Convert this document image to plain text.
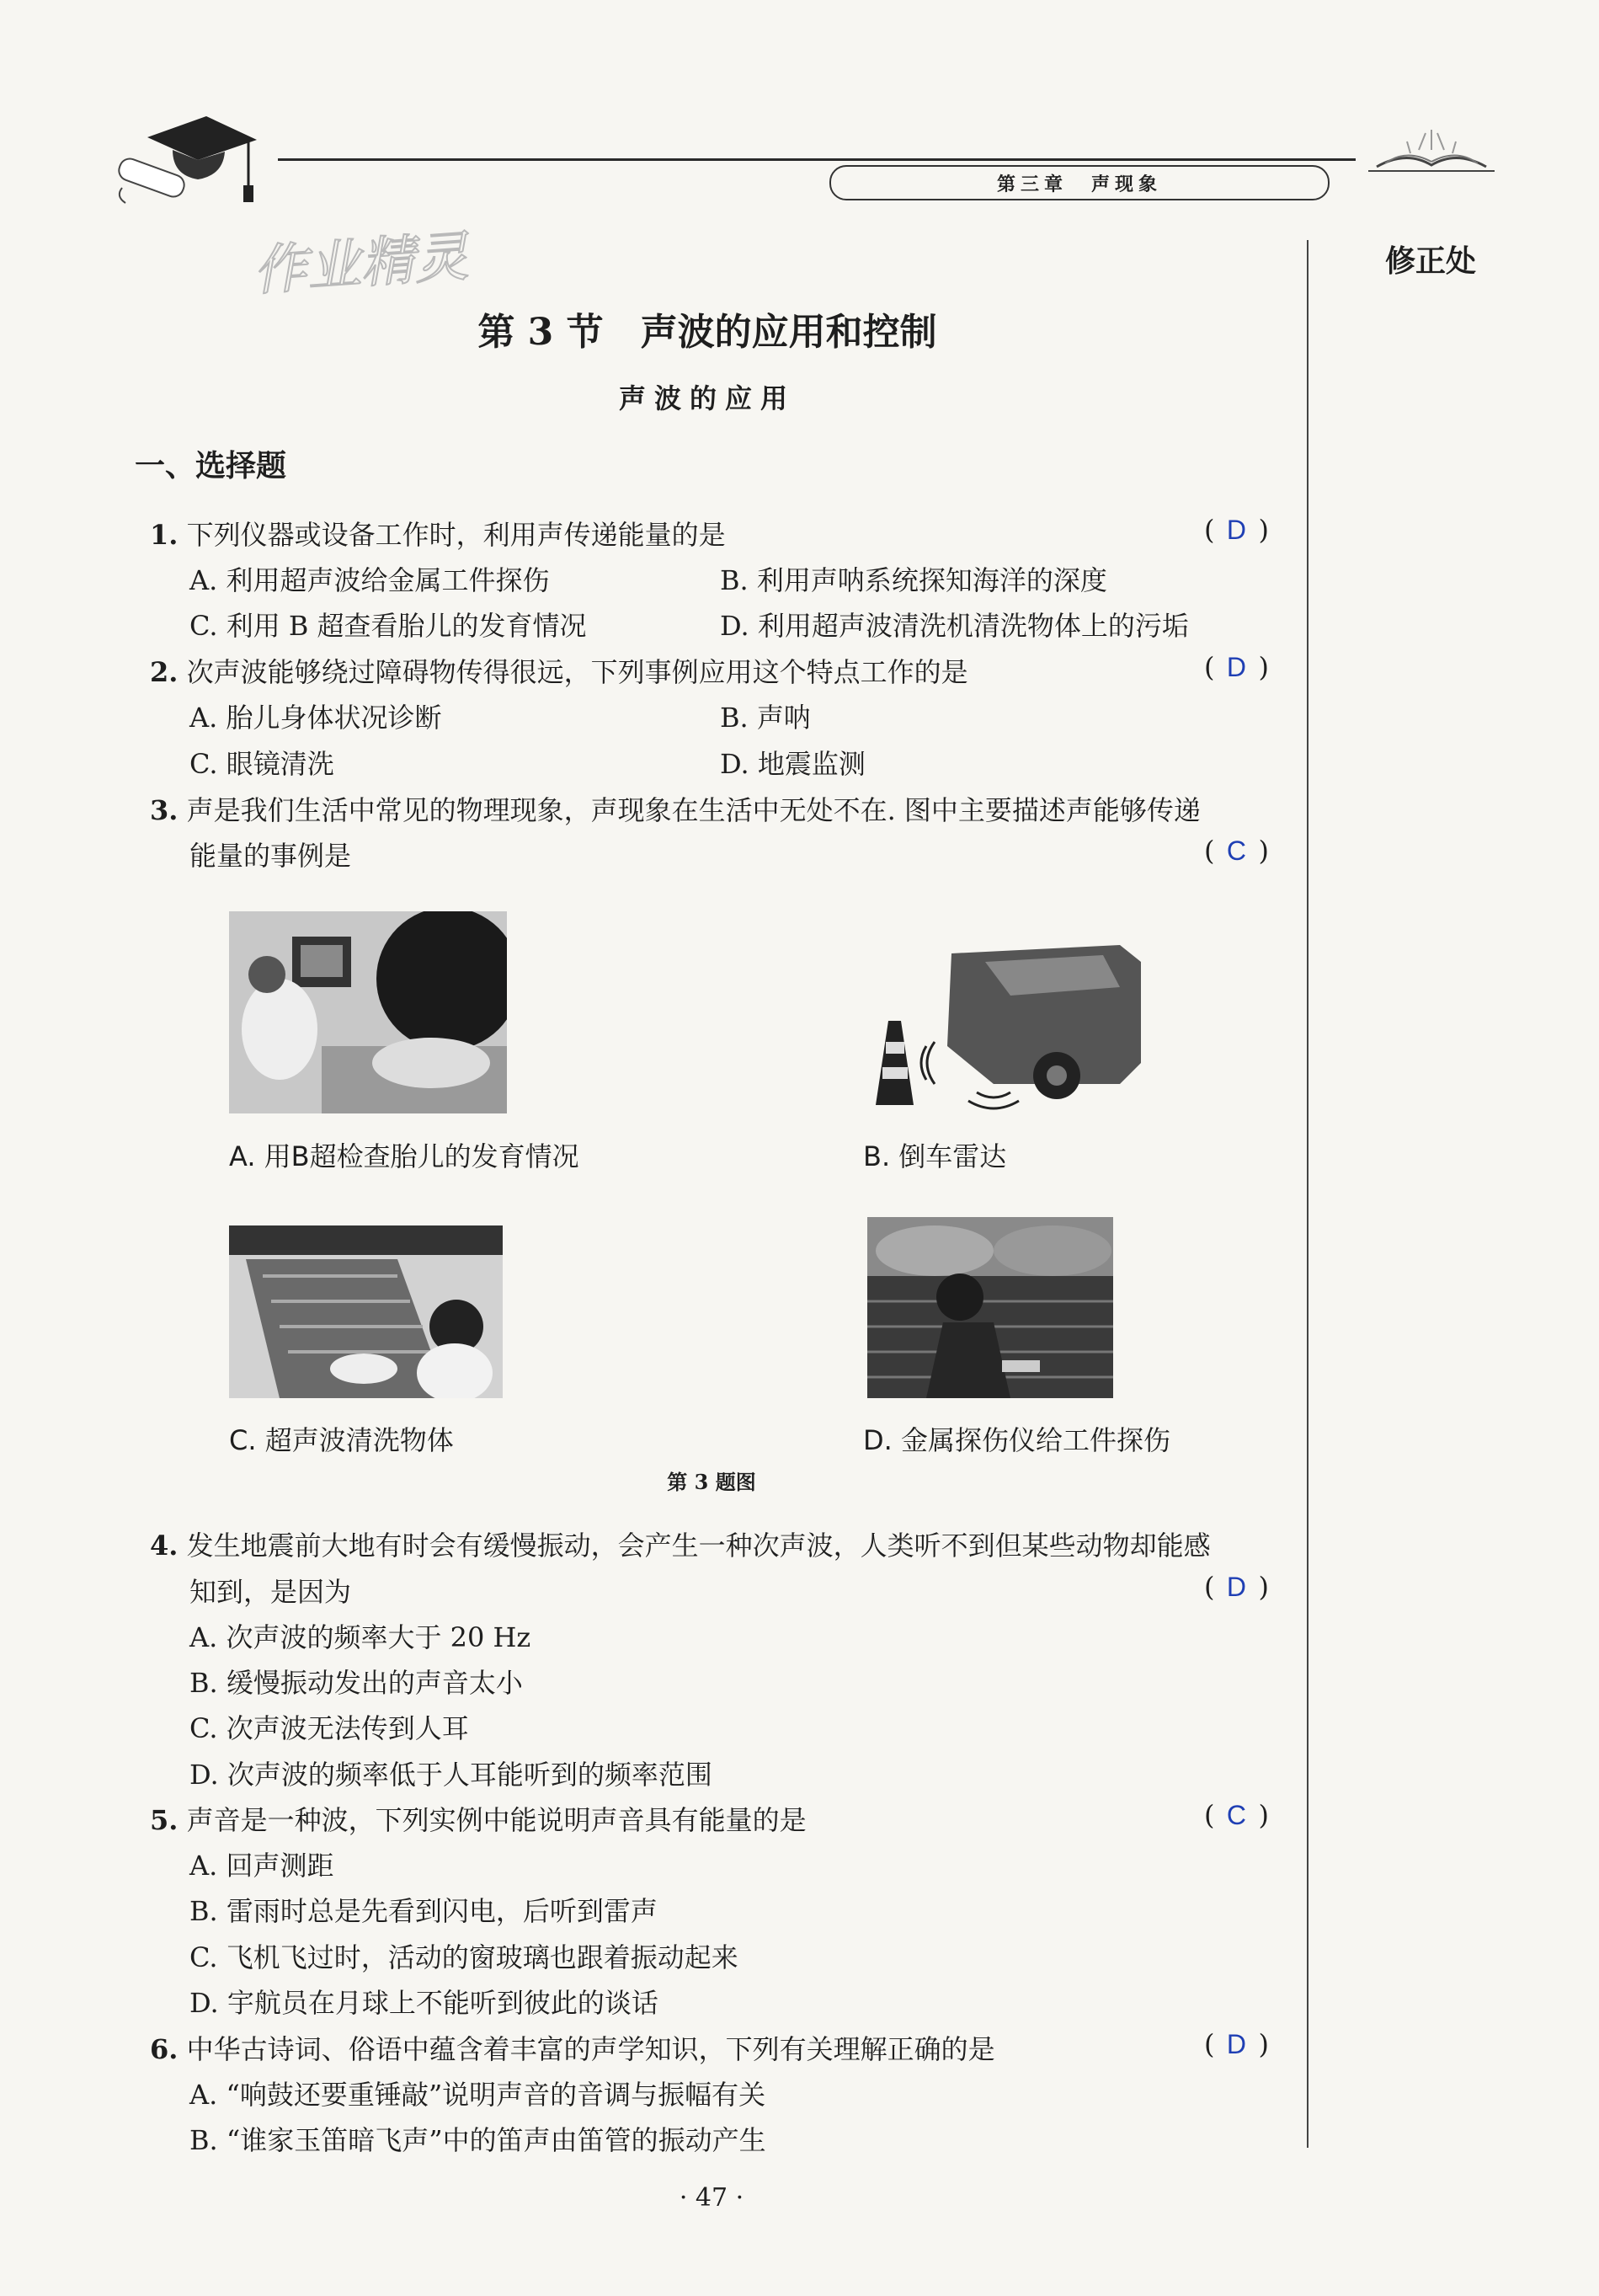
第三章　声现象
修正处
作业精灵
第 3 节　声波的应用和控制
声波的应用
一、选择题
1. 下列仪器或设备工作时，利用声传递能量的是	( D )
A. 利用超声波给金属工件探伤	B. 利用声呐系统探知海洋的深度
C. 利用 B 超查看胎儿的发育情况	D. 利用超声波清洗机清洗物体上的污垢
2. 次声波能够绕过障碍物传得很远，下列事例应用这个特点工作的是	( D )
A. 胎儿身体状况诊断	B. 声呐
C. 眼镜清洗	D. 地震监测
3. 声是我们生活中常见的物理现象，声现象在生活中无处不在. 图中主要描述声能够传递
能量的事例是	( C )
A. 用B超检查胎儿的发育情况	B. 倒车雷达
C. 超声波清洗物体	D. 金属探伤仪给工件探伤
第 3 题图
4. 发生地震前大地有时会有缓慢振动，会产生一种次声波，人类听不到但某些动物却能感
知到，是因为	( D )
A. 次声波的频率大于 20 Hz
B. 缓慢振动发出的声音太小
C. 次声波无法传到人耳
D. 次声波的频率低于人耳能听到的频率范围
5. 声音是一种波，下列实例中能说明声音具有能量的是	( C )
A. 回声测距
B. 雷雨时总是先看到闪电，后听到雷声
C. 飞机飞过时，活动的窗玻璃也跟着振动起来
D. 宇航员在月球上不能听到彼此的谈话
6. 中华古诗词、俗语中蕴含着丰富的声学知识，下列有关理解正确的是	( D )
A. “响鼓还要重锤敲”说明声音的音调与振幅有关
B. “谁家玉笛暗飞声”中的笛声由笛管的振动产生
· 47 ·
